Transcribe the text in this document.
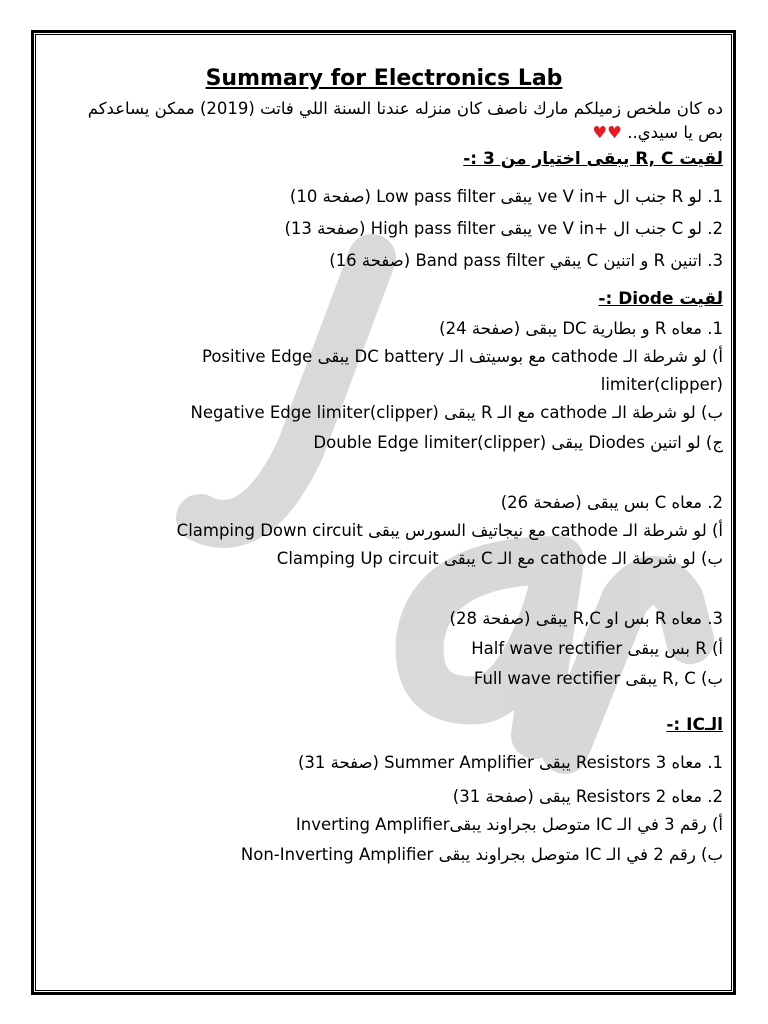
Summary for Electronics Lab
ده كان ملخص زميلكم مارك ناصف كان منزله عندنا السنة اللي فاتت (2019) ممكن يساعدكم
بص يا سيدي.. ♥♥
لقيت R, C يبقى اختيار من 3 :-
1. لو R جنب ال +ve V in يبقى Low pass filter (صفحة 10)
2. لو C جنب ال +ve V in يبقى High pass filter (صفحة 13)
3. اتنين R و اتنين C يبقي Band pass filter (صفحة 16)
لقيت Diode :-
1. معاه R و بطارية DC يبقى (صفحة 24)
أ) لو شرطة الـ cathode مع بوسيتف الـ DC battery يبقى Positive Edge
limiter(clipper)
ب) لو شرطة الـ cathode مع الـ R يبقى Negative Edge limiter(clipper)
ج) لو اتنين Diodes يبقى Double Edge limiter(clipper)
2. معاه C بس يبقى (صفحة 26)
أ) لو شرطة الـ cathode مع نيجاتيف السورس يبقى Clamping Down circuit
ب) لو شرطة الـ cathode مع الـ C يبقى Clamping Up circuit
3. معاه R بس او R,C يبقى (صفحة 28)
أ) R بس يبقى Half wave rectifier
ب) R, C يبقى Full wave rectifier
الـIC :-
1. معاه 3 Resistors يبقى Summer Amplifier (صفحة 31)
2. معاه 2 Resistors يبقى (صفحة 31)
أ) رقم 3 في الـ IC متوصل بجراوند يبقىInverting Amplifier
ب) رقم 2 في الـ IC متوصل بجراوند يبقى Non-Inverting Amplifier
